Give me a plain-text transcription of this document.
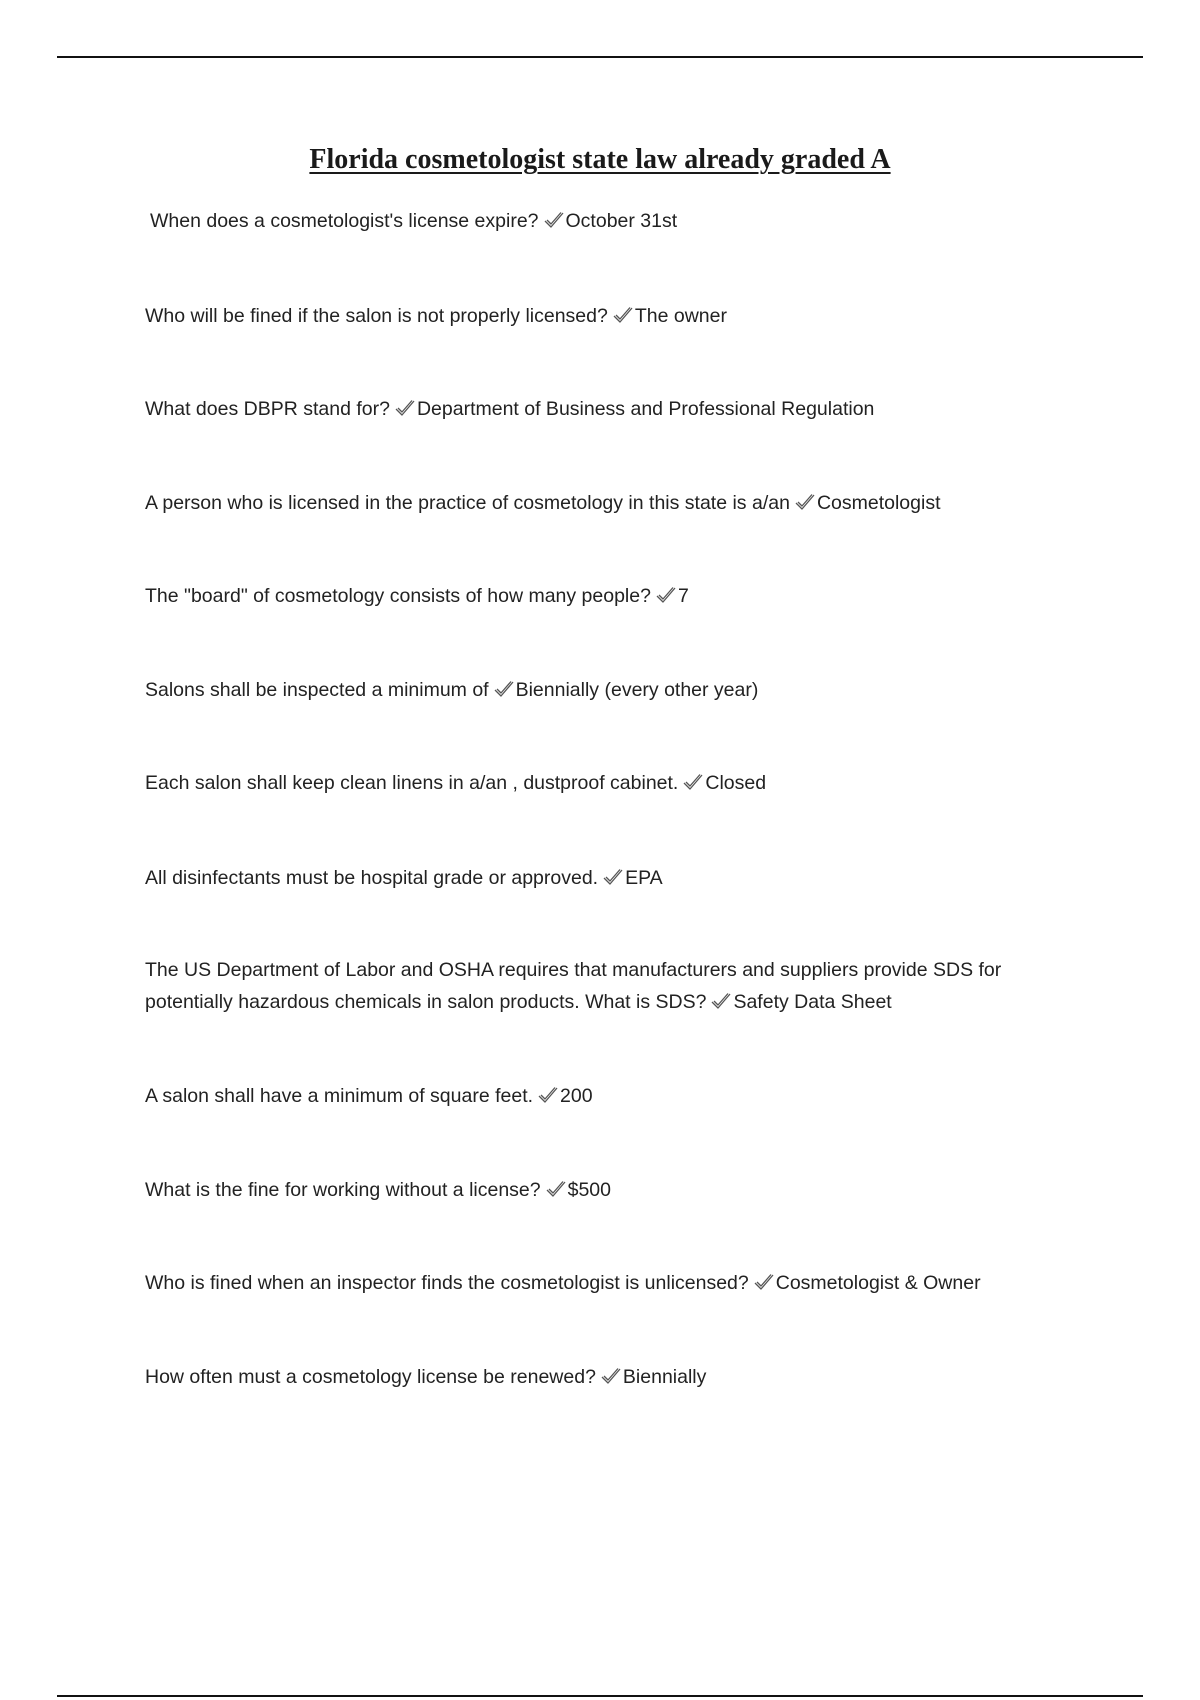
Florida cosmetologist state law already graded A

When does a cosmetologist's license expire? October 31st

Who will be fined if the salon is not properly licensed? The owner

What does DBPR stand for? Department of Business and Professional Regulation

A person who is licensed in the practice of cosmetology in this state is a/an Cosmetologist

The "board" of cosmetology consists of how many people? 7

Salons shall be inspected a minimum of Biennially (every other year)

Each salon shall keep clean linens in a/an , dustproof cabinet. Closed

All disinfectants must be hospital grade or approved. EPA

The US Department of Labor and OSHA requires that manufacturers and suppliers provide SDS for potentially hazardous chemicals in salon products. What is SDS? Safety Data Sheet

A salon shall have a minimum of square feet. 200

What is the fine for working without a license? $500

Who is fined when an inspector finds the cosmetologist is unlicensed? Cosmetologist & Owner

How often must a cosmetology license be renewed? Biennially
